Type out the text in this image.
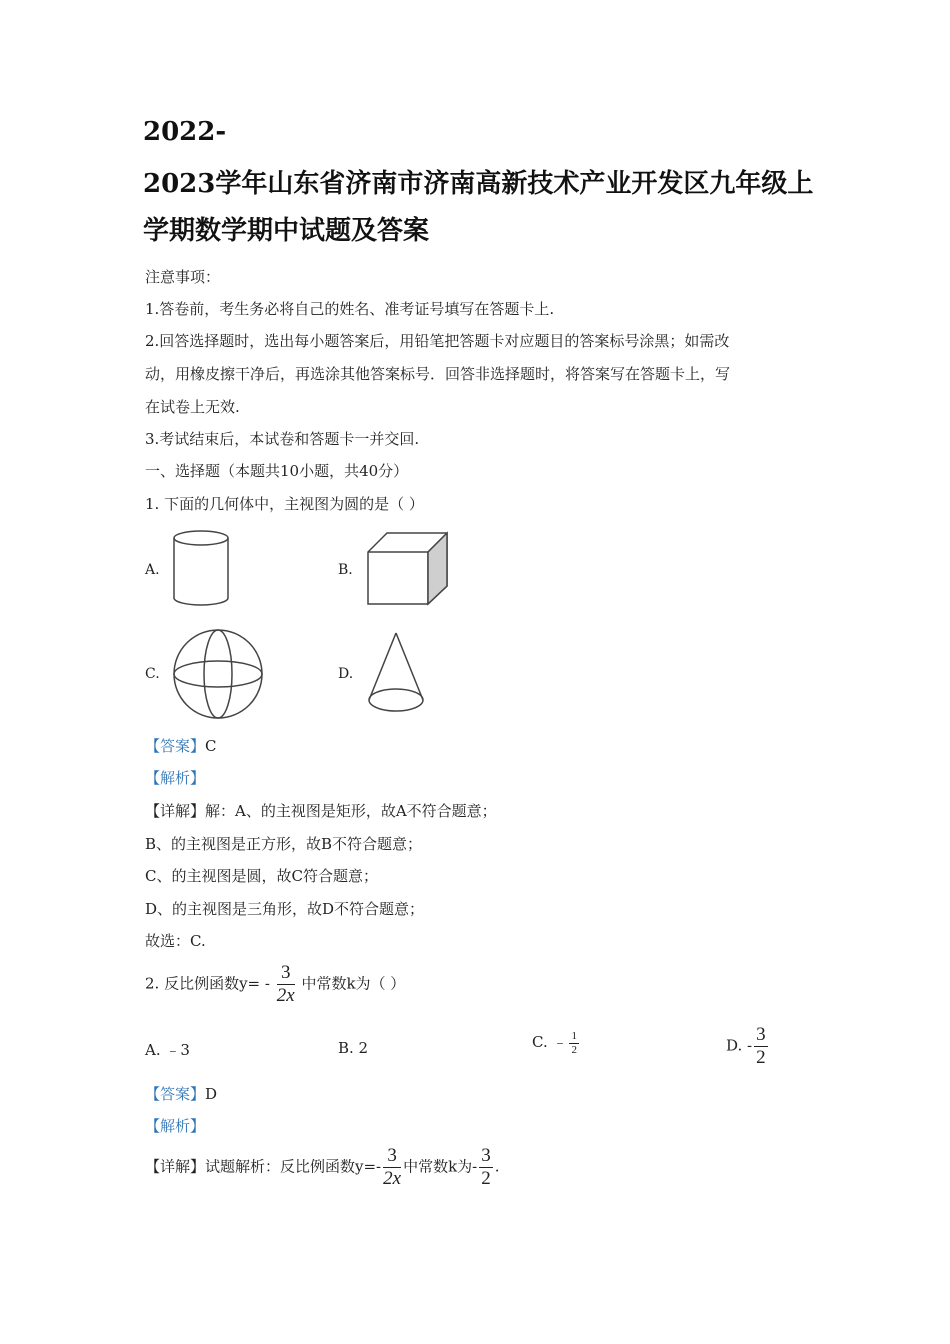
2022-
2023学年山东省济南市济南高新技术产业开发区九年级上
学期数学期中试题及答案
注意事项：
1.答卷前，考生务必将自己的姓名、准考证号填写在答题卡上.
2.回答选择题时，选出每小题答案后，用铅笔把答题卡对应题目的答案标号涂黑；如需改
动，用橡皮擦干净后，再选涂其他答案标号．回答非选择题时，将答案写在答题卡上，写
在试卷上无效.
3.考试结束后，本试卷和答题卡一并交回.
一、选择题（本题共10小题，共40分）
1. 下面的几何体中，主视图为圆的是（ ）
A.	B.
C.	D.
【答案】C
【解析】
【详解】解：A、的主视图是矩形，故A不符合题意；
B、的主视图是正方形，故B不符合题意；
C、的主视图是圆，故C符合题意；
D、的主视图是三角形，故D不符合题意；
故选：C.
2. 反比例函数$y= - \frac{3}{2x}$ 中常数k为（ ）
A. ﹣3	B. 2	C. ﹣ $\frac{1}{2}$	D. - $\frac{3}{2}$
【答案】D
【解析】
【详解】试题解析：反比例函数$y=- \frac{3}{2x}$ 中常数k为- $\frac{3}{2}$ .
